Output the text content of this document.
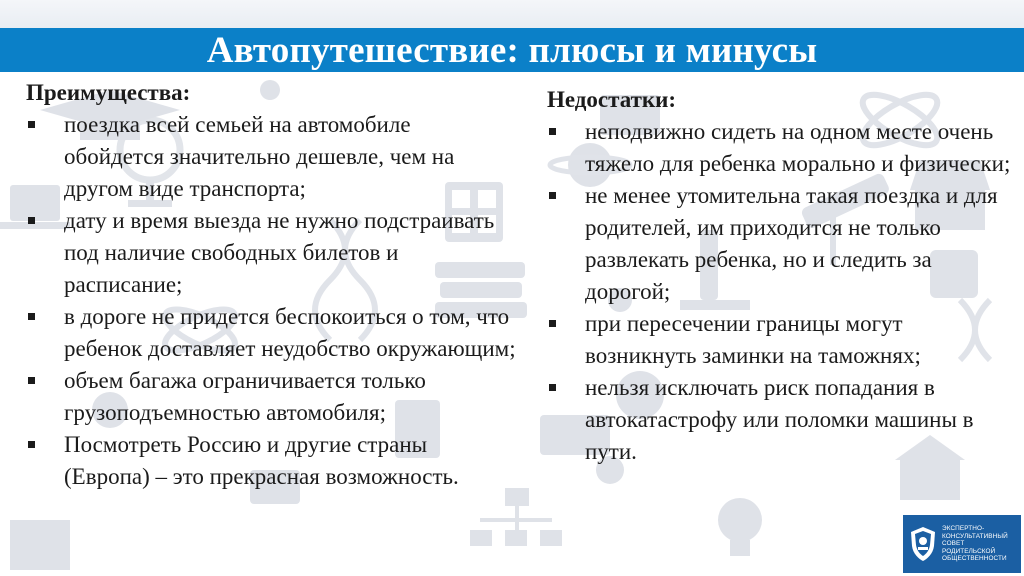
Автопутешествие: плюсы и минусы
Преимущества:
поездка всей семьей на автомобиле обойдется значительно дешевле, чем на другом виде транспорта;
дату и время выезда не нужно подстраивать под наличие свободных билетов и расписание;
в дороге не придется беспокоиться о том, что ребенок доставляет неудобство окружающим;
объем багажа ограничивается только грузоподъемностью автомобиля;
Посмотреть Россию и другие страны (Европа) – это прекрасная возможность.
Недостатки:
неподвижно сидеть на одном месте очень тяжело для ребенка морально и физически;
не менее утомительна такая поездка и для родителей, им приходится не только развлекать ребенка, но и следить за дорогой;
при пересечении границы могут возникнуть заминки на таможнях;
нельзя исключать риск попадания в автокатастрофу или поломки машины в пути.
ЭКСПЕРТНО-
КОНСУЛЬТАТИВНЫЙ
СОВЕТ
РОДИТЕЛЬСКОЙ
ОБЩЕСТВЕННОСТИ
